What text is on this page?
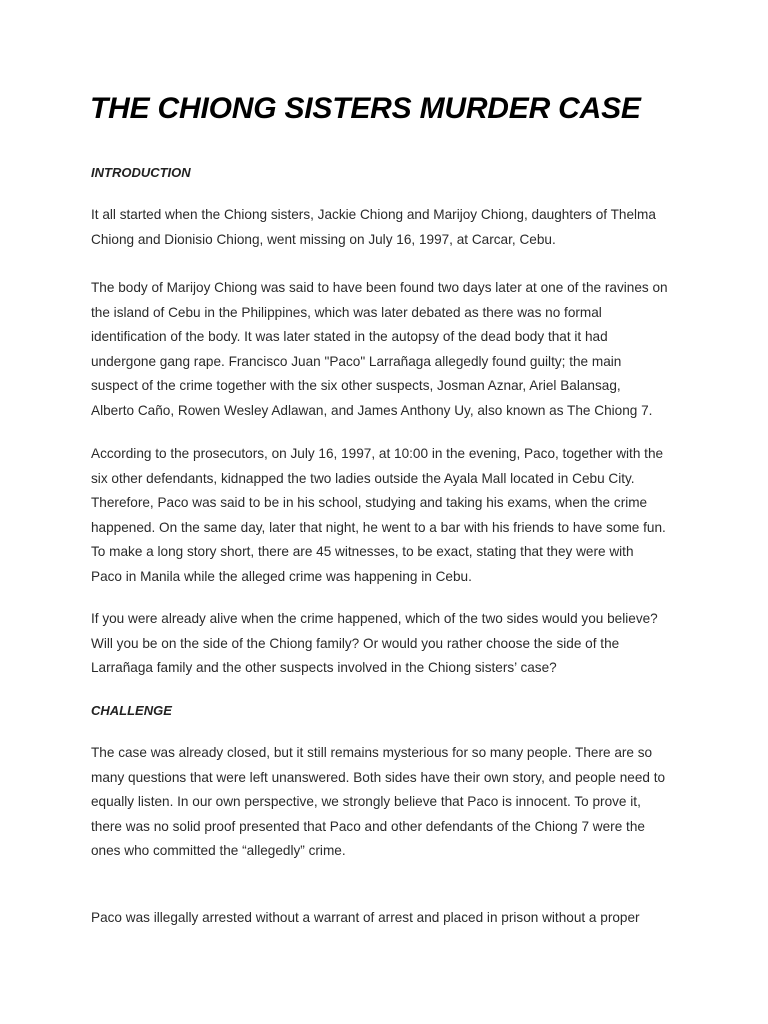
THE CHIONG SISTERS MURDER CASE
INTRODUCTION

It all started when the Chiong sisters, Jackie Chiong and Marijoy Chiong, daughters of Thelma
Chiong and Dionisio Chiong, went missing on July 16, 1997, at Carcar, Cebu.

The body of Marijoy Chiong was said to have been found two days later at one of the ravines on
the island of Cebu in the Philippines, which was later debated as there was no formal
identification of the body. It was later stated in the autopsy of the dead body that it had
undergone gang rape. Francisco Juan "Paco" Larrañaga allegedly found guilty; the main
suspect of the crime together with the six other suspects, Josman Aznar, Ariel Balansag,
Alberto Caño, Rowen Wesley Adlawan, and James Anthony Uy, also known as The Chiong 7.

According to the prosecutors, on July 16, 1997, at 10:00 in the evening, Paco, together with the
six other defendants, kidnapped the two ladies outside the Ayala Mall located in Cebu City.
Therefore, Paco was said to be in his school, studying and taking his exams, when the crime
happened. On the same day, later that night, he went to a bar with his friends to have some fun.
To make a long story short, there are 45 witnesses, to be exact, stating that they were with
Paco in Manila while the alleged crime was happening in Cebu.

If you were already alive when the crime happened, which of the two sides would you believe?
Will you be on the side of the Chiong family? Or would you rather choose the side of the
Larrañaga family and the other suspects involved in the Chiong sisters’ case?

CHALLENGE

The case was already closed, but it still remains mysterious for so many people. There are so
many questions that were left unanswered. Both sides have their own story, and people need to
equally listen. In our own perspective, we strongly believe that Paco is innocent. To prove it,
there was no solid proof presented that Paco and other defendants of the Chiong 7 were the
ones who committed the “allegedly” crime.

Paco was illegally arrested without a warrant of arrest and placed in prison without a proper
